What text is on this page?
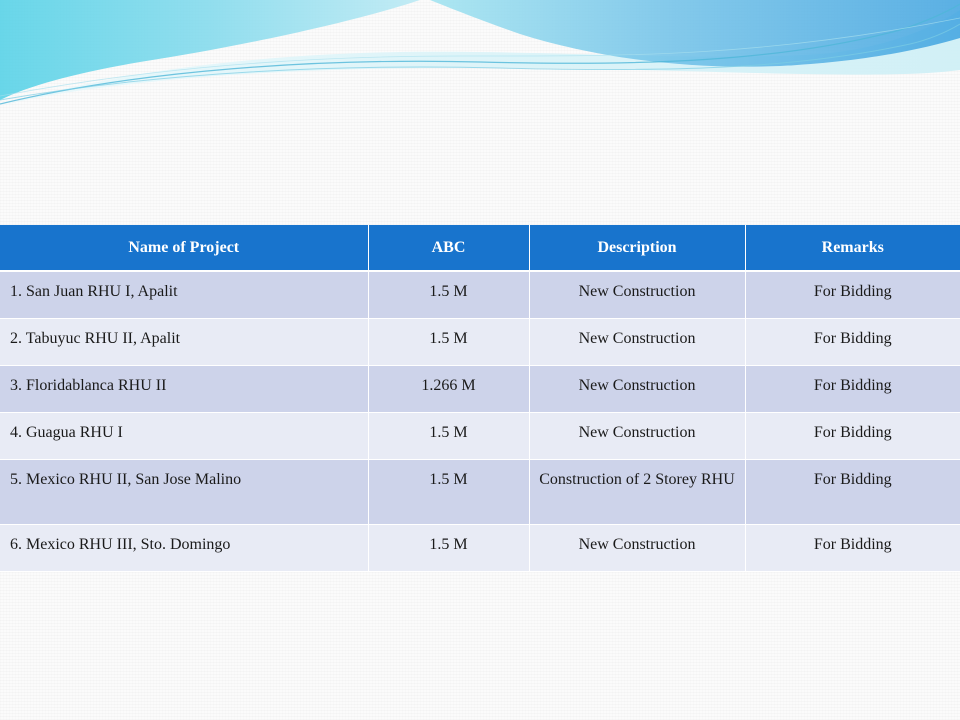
Name of Project	ABC	Description	Remarks
1. San Juan RHU I, Apalit	1.5 M	New Construction	For Bidding
2. Tabuyuc RHU II, Apalit	1.5 M	New Construction	For Bidding
3. Floridablanca RHU II	1.266 M	New Construction	For Bidding
4. Guagua RHU I	1.5 M	New Construction	For Bidding
5. Mexico RHU II, San Jose Malino	1.5 M	Construction of 2 Storey RHU	For Bidding
6. Mexico RHU III, Sto. Domingo	1.5 M	New Construction	For Bidding
